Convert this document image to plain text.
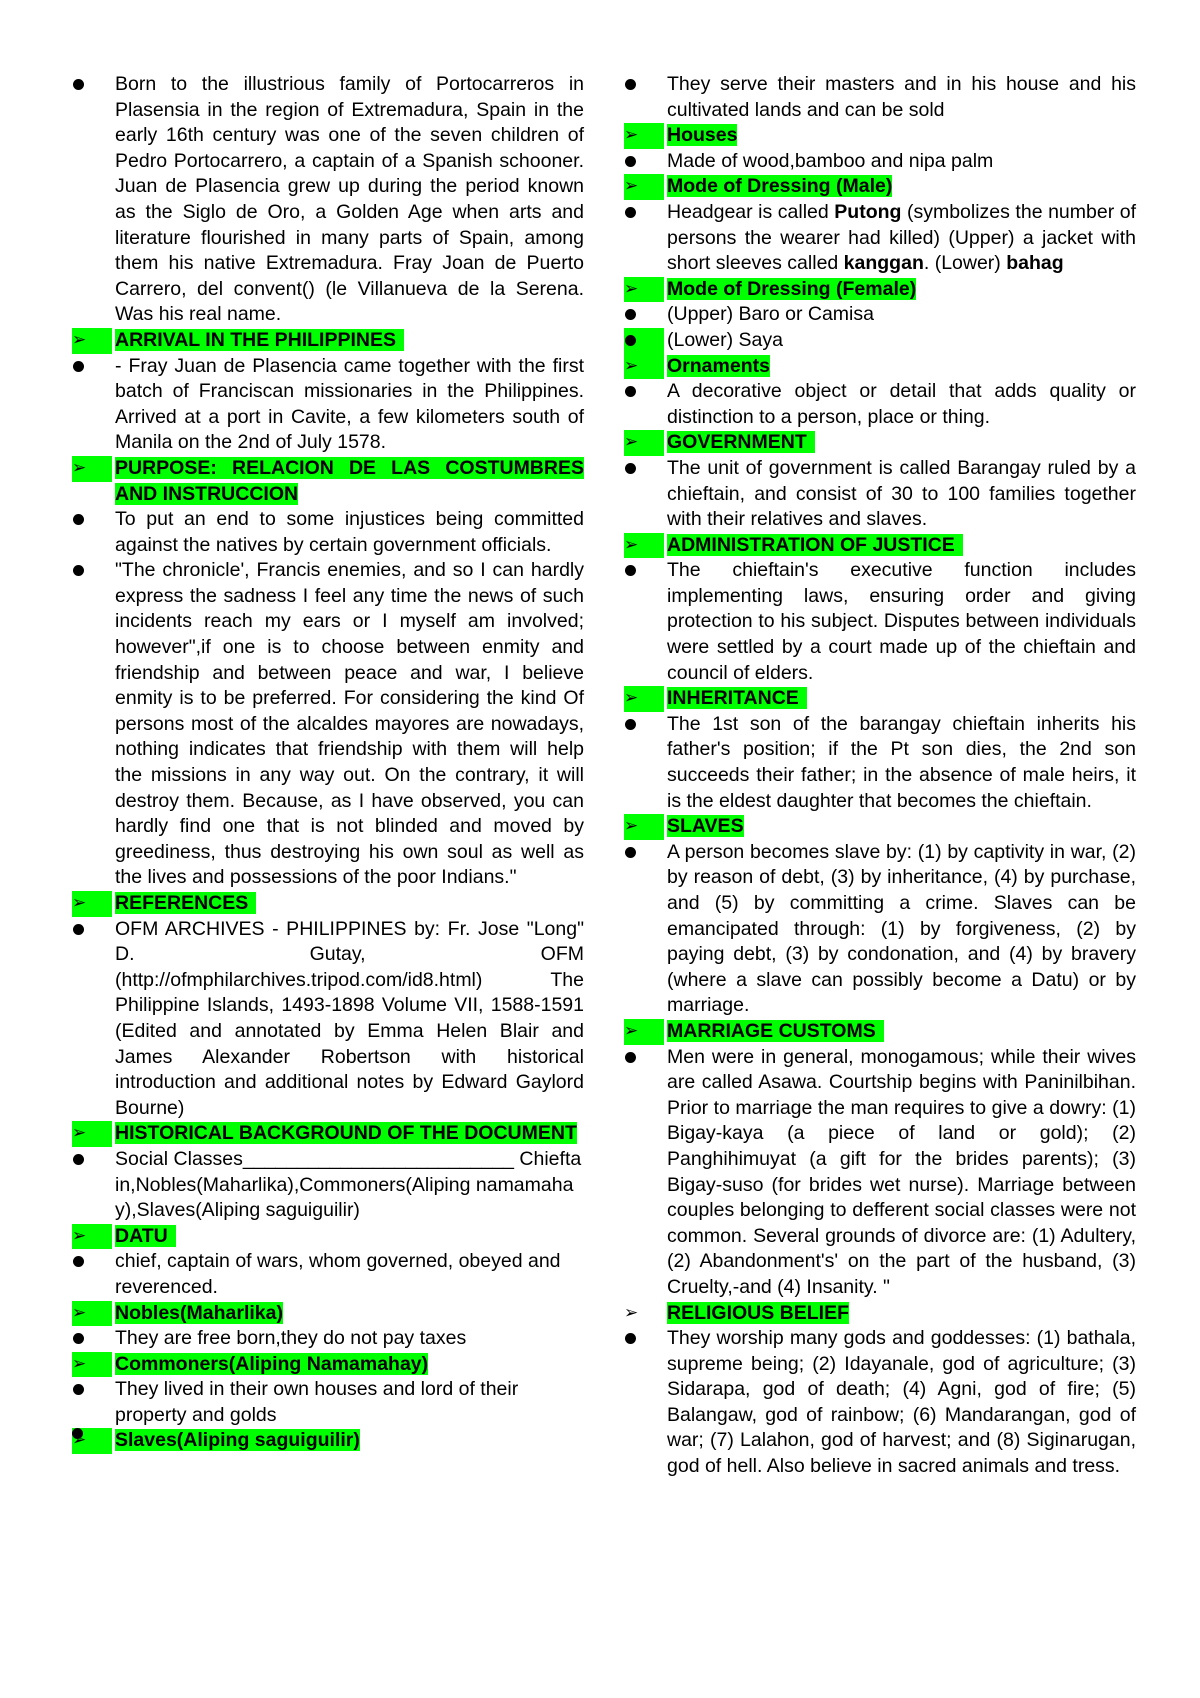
Born to the illustrious family of Portocarreros in Plasensia in the region of Extremadura, Spain in the early 16th century was one of the seven children of Pedro Portocarrero, a captain of a Spanish schooner. Juan de Plasencia grew up during the period known as the Siglo de Oro, a Golden Age when arts and literature flourished in many parts of Spain, among them his native Extremadura. Fray Joan de Puerto Carrero, del convent() (le Villanueva de la Serena. Was his real name.
➢
ARRIVAL IN THE PHILIPPINES
- Fray Juan de Plasencia came together with the first batch of Franciscan missionaries in the Philippines. Arrived at a port in Cavite, a few kilometers south of Manila on the 2nd of July 1578.
➢
PURPOSE: RELACION DE LAS COSTUMBRES AND INSTRUCCION
To put an end to some injustices being committed against the natives by certain government officials.
"The chronicle', Francis enemies, and so I can hardly express the sadness I feel any time the news of such incidents reach my ears or I myself am involved; however",if one is to choose between enmity and friendship and between peace and war, I believe enmity is to be preferred. For considering the kind Of persons most of the alcaldes mayores are nowadays, nothing indicates that friendship with them will help the missions in any way out. On the contrary, it will destroy them. Because, as I have observed, you can hardly find one that is not blinded and moved by greediness, thus destroying his own soul as well as the lives and possessions of the poor Indians."
➢
REFERENCES
OFM ARCHIVES - PHILIPPINES by: Fr. Jose "Long" D. Gutay, OFM (http://ofmphilarchives.tripod.com/id8.html) The Philippine Islands, 1493-1898 Volume VII, 1588-1591 (Edited and annotated by Emma Helen Blair and James Alexander Robertson with historical introduction and additional notes by Edward Gaylord Bourne)
➢
HISTORICAL BACKGROUND OF THE DOCUMENT
Social Classes_________________________ Chieftain,Nobles(Maharlika),Commoners(Aliping namamahay),Slaves(Aliping saguiguilir)
➢
DATU
chief, captain of wars, whom governed, obeyed and reverenced.
➢
Nobles(Maharlika)
They are free born,they do not pay taxes
➢
Commoners(Aliping Namamahay)
They lived in their own houses and lord of their property and golds
➢
Slaves(Aliping saguiguilir)
They serve their masters and in his house and his cultivated lands and can be sold
➢
Houses
Made of wood,bamboo and nipa palm
➢
Mode of Dressing (Male)
Headgear is called Putong (symbolizes the number of persons the wearer had killed) (Upper) a jacket with short sleeves called kanggan. (Lower) bahag
➢
Mode of Dressing (Female)
(Upper) Baro or Camisa
(Lower) Saya
➢
Ornaments
A decorative object or detail that adds quality or distinction to a person, place or thing.
➢
GOVERNMENT
The unit of government is called Barangay ruled by a chieftain, and consist of 30 to 100 families together with their relatives and slaves.
➢
ADMINISTRATION OF JUSTICE
The chieftain's executive function includes implementing laws, ensuring order and giving protection to his subject. Disputes between individuals were settled by a court made up of the chieftain and council of elders.
➢
INHERITANCE
The 1st son of the barangay chieftain inherits his father's position; if the Pt son dies, the 2nd son succeeds their father; in the absence of male heirs, it is the eldest daughter that becomes the chieftain.
➢
SLAVES
A person becomes slave by: (1) by captivity in war, (2) by reason of debt, (3) by inheritance, (4) by purchase, and (5) by committing a crime. Slaves can be emancipated through: (1) by forgiveness, (2) by paying debt, (3) by condonation, and (4) by bravery (where a slave can possibly become a Datu) or by marriage.
➢
MARRIAGE CUSTOMS
Men were in general, monogamous; while their wives are called Asawa. Courtship begins with Paninilbihan. Prior to marriage the man requires to give a dowry: (1) Bigay-kaya (a piece of land or gold); (2) Panghihimuyat (a gift for the brides parents); (3) Bigay-suso (for brides wet nurse). Marriage between couples belonging to defferent social classes were not common. Several grounds of divorce are: (1) Adultery, (2) Abandonment's' on the part of the husband, (3) Cruelty,-and (4) Insanity. "
➢
RELIGIOUS BELIEF
They worship many gods and goddesses: (1) bathala, supreme being; (2) Idayanale, god of agriculture; (3) Sidarapa, god of death; (4) Agni, god of fire; (5) Balangaw, god of rainbow; (6) Mandarangan, god of war; (7) Lalahon, god of harvest; and (8) Siginarugan, god of hell. Also believe in sacred animals and tress.
